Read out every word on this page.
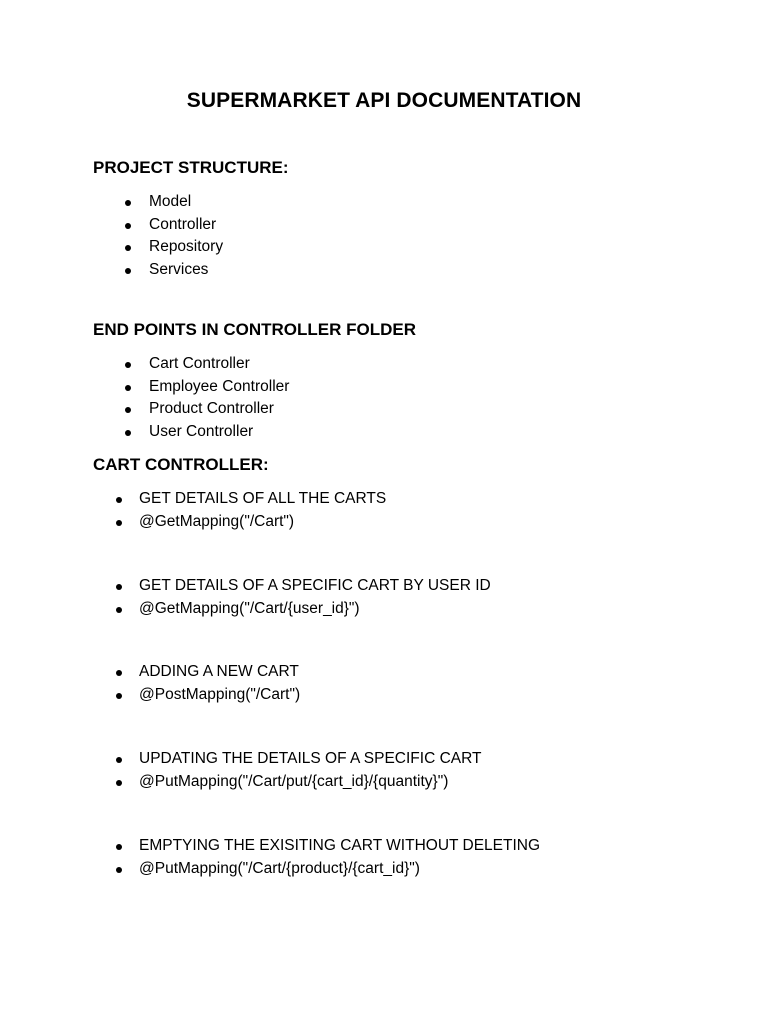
SUPERMARKET API DOCUMENTATION
PROJECT STRUCTURE:
Model
Controller
Repository
Services
END POINTS IN CONTROLLER FOLDER
Cart Controller
Employee Controller
Product Controller
User Controller
CART CONTROLLER:
GET DETAILS OF ALL THE CARTS
@GetMapping("/Cart")
GET DETAILS OF A SPECIFIC CART BY USER ID
@GetMapping("/Cart/{user_id}")
ADDING A NEW CART
@PostMapping("/Cart")
UPDATING THE DETAILS OF A SPECIFIC CART
@PutMapping("/Cart/put/{cart_id}/{quantity}")
EMPTYING THE EXISITING CART WITHOUT DELETING
@PutMapping("/Cart/{product}/{cart_id}")
